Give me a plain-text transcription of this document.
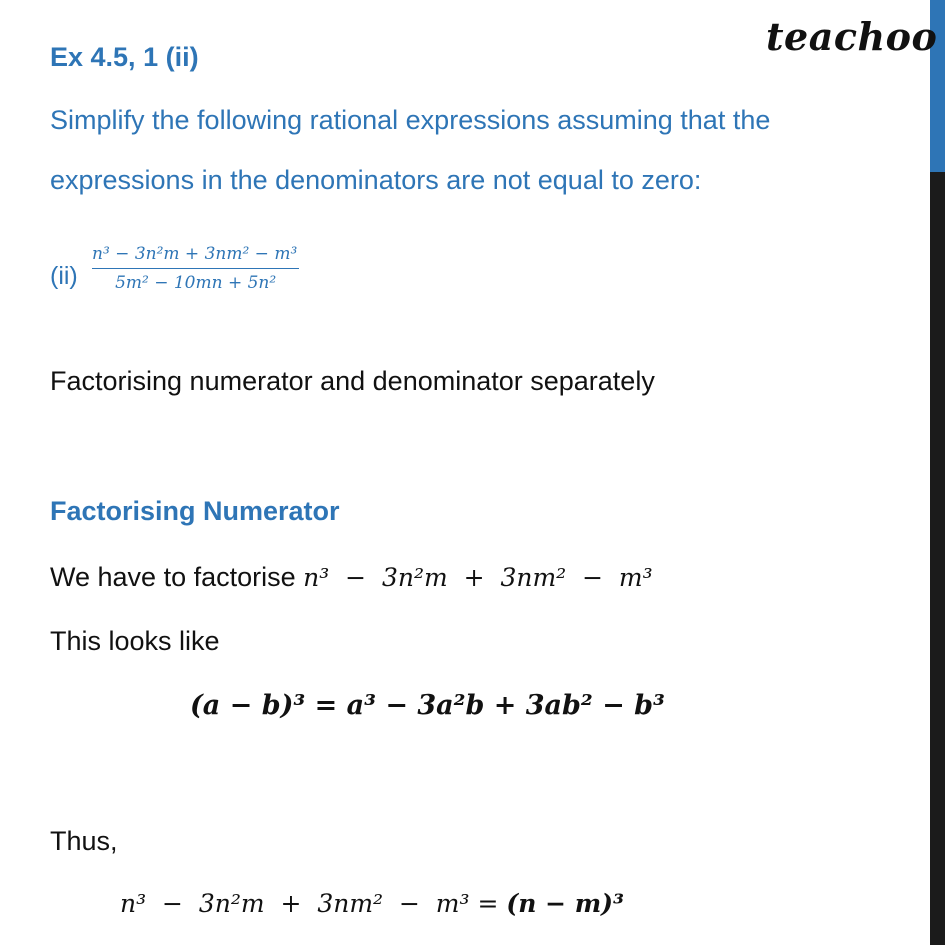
teachoo
Ex 4.5, 1 (ii)
Simplify the following rational expressions assuming that the
expressions in the denominators are not equal to zero:
$(ii) \frac{\text{n³ − 3n²m + 3nm² − m³}}{\text{5m² − 10mn + 5n²}}$
Factorising numerator and denominator separately
Factorising Numerator
We have to factorise n³  −  3n²m  +  3nm²  −  m³
This looks like
(a − b)³ = a³ − 3a²b + 3ab² − b³
Thus,
n³  −  3n²m  +  3nm²  −  m³ = (n − m)³
